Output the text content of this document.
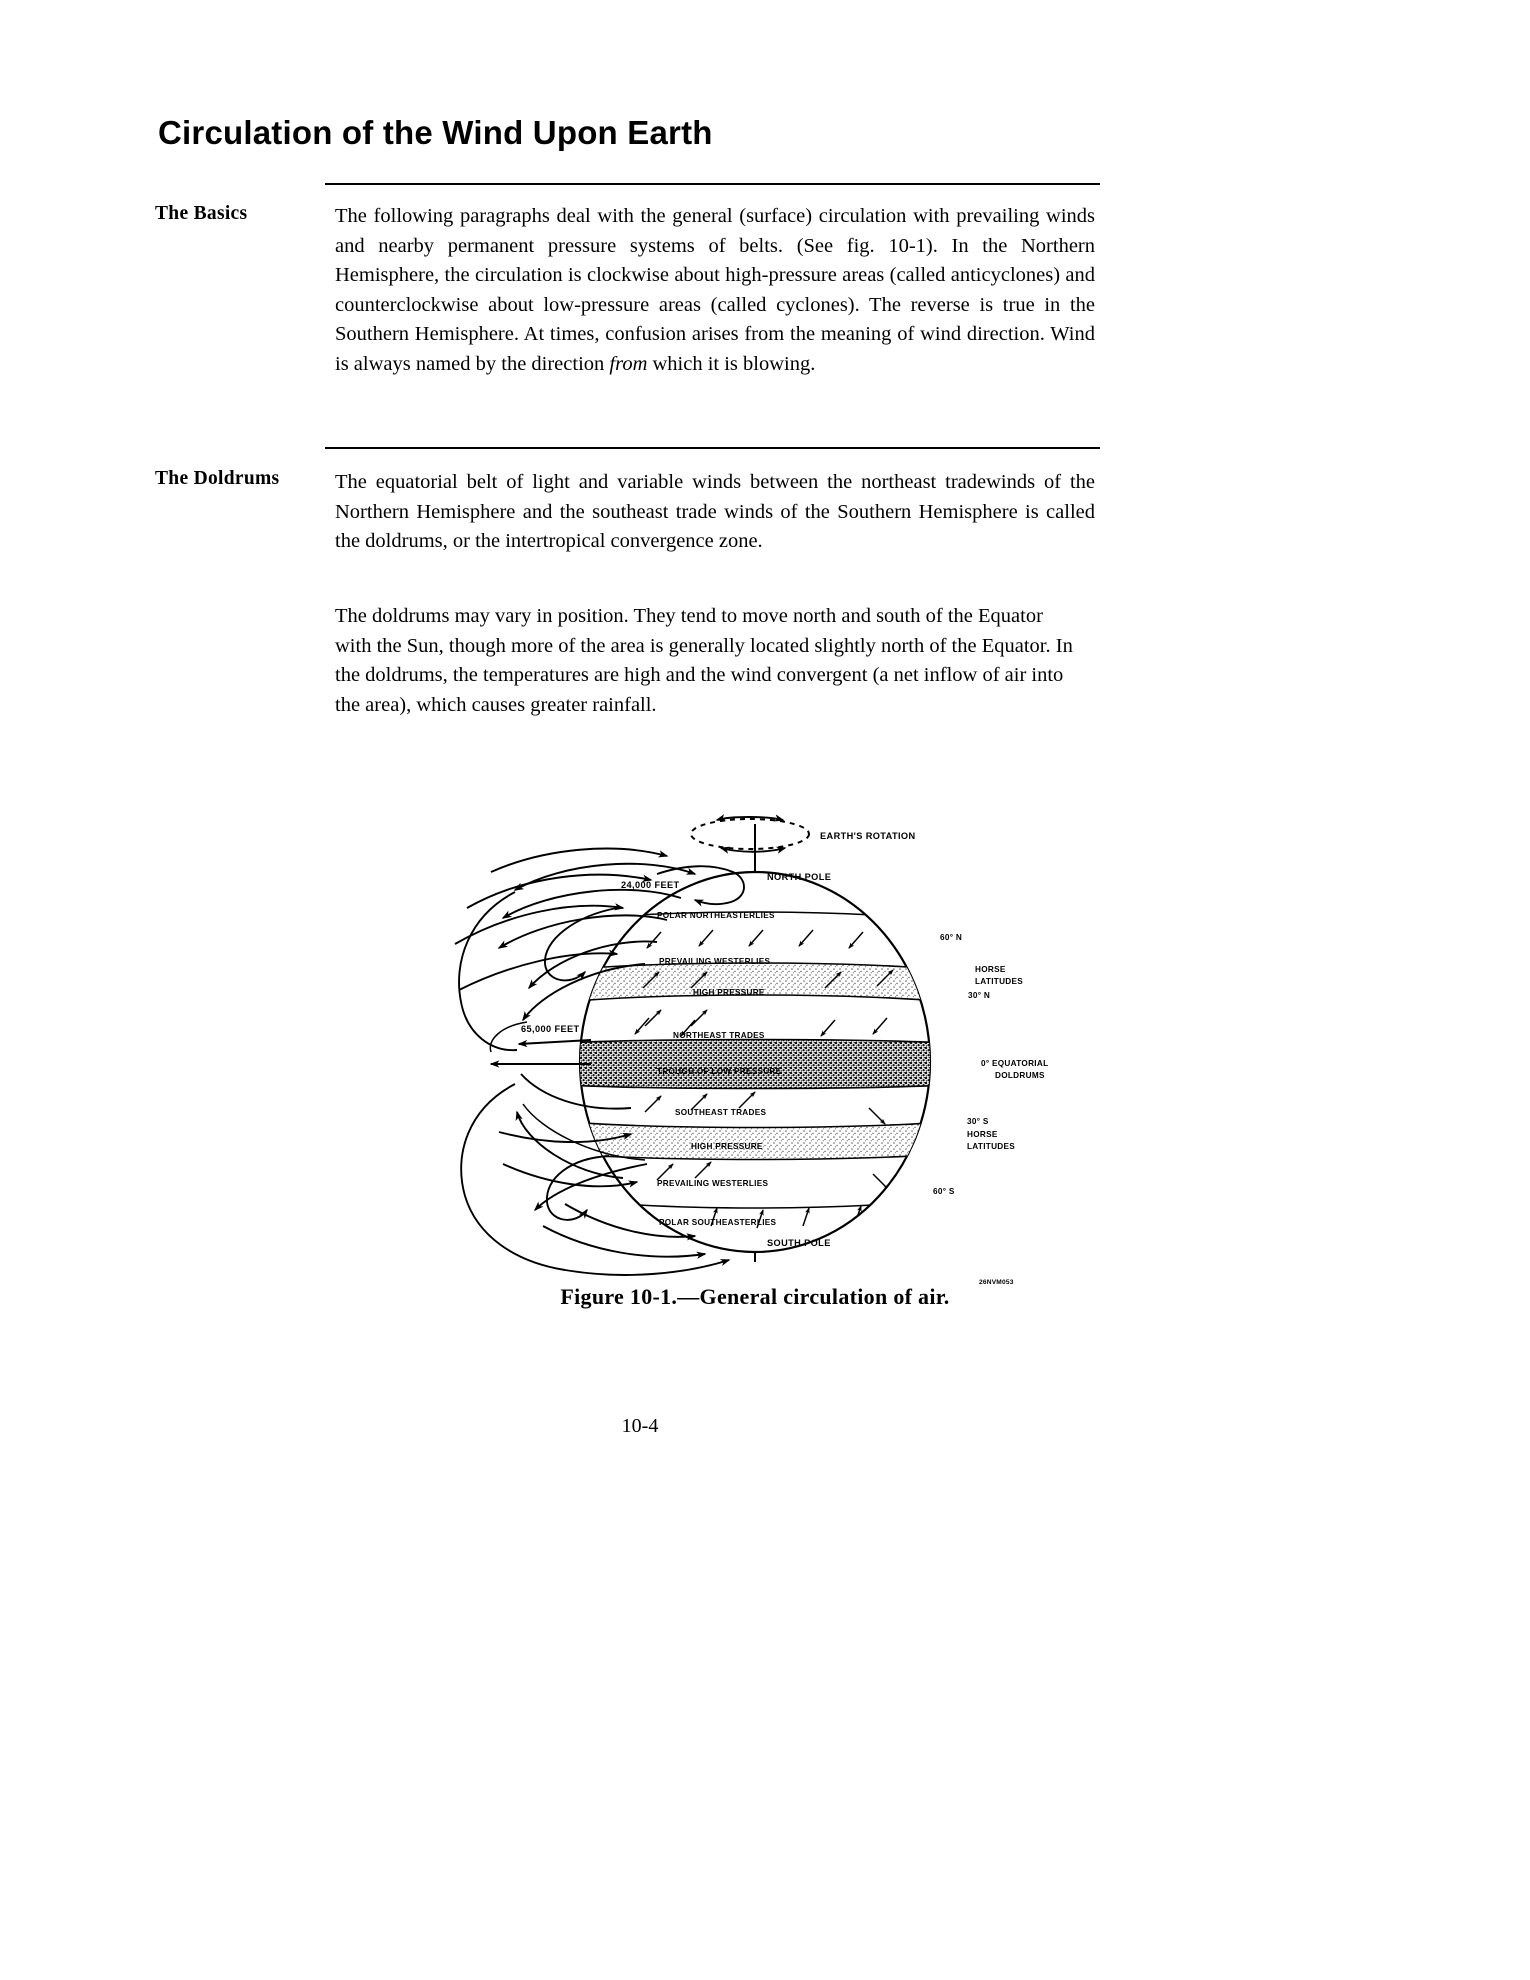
Circulation of the Wind Upon Earth
The Basics	The following paragraphs deal with the general (surface) circulation with prevailing winds and nearby permanent pressure systems of belts. (See fig. 10-1). In the Northern Hemisphere, the circulation is clockwise about high-pressure areas (called anticyclones) and counterclockwise about low-pressure areas (called cyclones). The reverse is true in the Southern Hemisphere. At times, confusion arises from the meaning of wind direction. Wind is always named by the direction from which it is blowing.
The Doldrums	The equatorial belt of light and variable winds between the northeast tradewinds of the Northern Hemisphere and the southeast trade winds of the Southern Hemisphere is called the doldrums, or the intertropical convergence zone.
The doldrums may vary in position. They tend to move north and south of the Equator with the Sun, though more of the area is generally located slightly north of the Equator. In the doldrums, the temperatures are high and the wind convergent (a net inflow of air into the area), which causes greater rainfall.
EARTH'S ROTATION
POLAR NORTHEASTERLIES
PREVAILING WESTERLIES
HIGH PRESSURE
NORTHEAST TRADES
TROUGH OF LOW PRESSURE
SOUTHEAST TRADES
HIGH PRESSURE
PREVAILING WESTERLIES
POLAR SOUTHEASTERLIES
24,000 FEET
65,000 FEET
NORTH POLE
SOUTH POLE
60° N
HORSE
LATITUDES
30° N
0° EQUATORIAL
DOLDRUMS
30° S
HORSE
LATITUDES
60° S
26NVM053
Figure 10-1.—General circulation of air.
10-4
